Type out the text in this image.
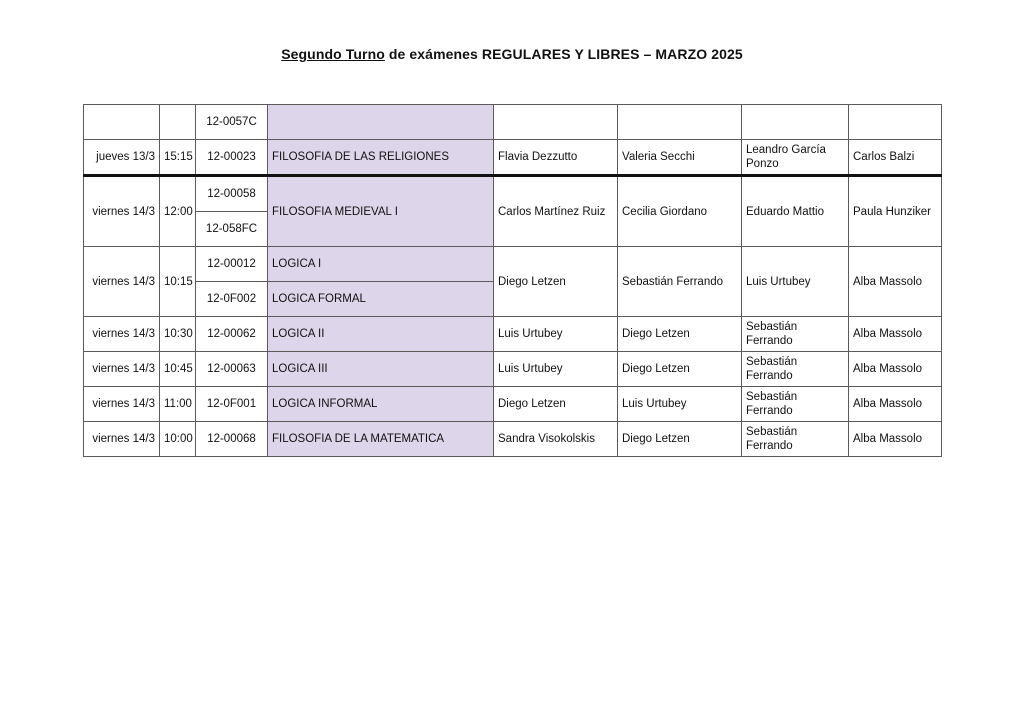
Segundo Turno de exámenes REGULARES Y LIBRES – MARZO 2025
		12-0057C					
jueves 13/3	15:15	12-00023	FILOSOFIA DE LAS RELIGIONES	Flavia Dezzutto	Valeria Secchi	Leandro García Ponzo	Carlos Balzi
viernes 14/3	12:00	12-00058	FILOSOFIA MEDIEVAL I	Carlos Martínez Ruiz	Cecilia Giordano	Eduardo Mattio	Paula Hunziker
		12-058FC					
viernes 14/3	10:15	12-00012	LOGICA I	Diego Letzen	Sebastián Ferrando	Luis Urtubey	Alba Massolo
		12-0F002	LOGICA FORMAL				
viernes 14/3	10:30	12-00062	LOGICA II	Luis Urtubey	Diego Letzen	Sebastián Ferrando	Alba Massolo
viernes 14/3	10:45	12-00063	LOGICA III	Luis Urtubey	Diego Letzen	Sebastián Ferrando	Alba Massolo
viernes 14/3	11:00	12-0F001	LOGICA INFORMAL	Diego Letzen	Luis Urtubey	Sebastián Ferrando	Alba Massolo
viernes 14/3	10:00	12-00068	FILOSOFIA DE LA MATEMATICA	Sandra Visokolskis	Diego Letzen	Sebastián Ferrando	Alba Massolo
